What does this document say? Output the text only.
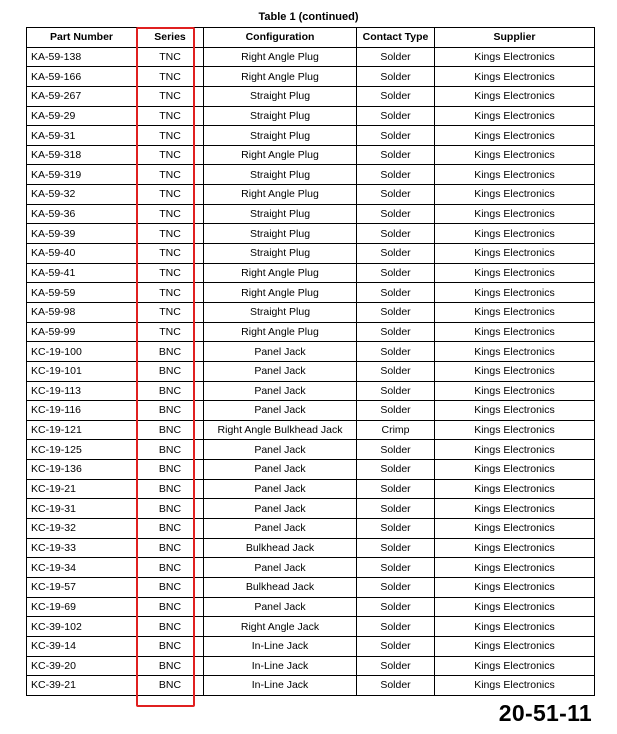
Table 1 (continued)
Part Number	Series	Configuration	Contact Type	Supplier
KA-59-138	TNC	Right Angle Plug	Solder	Kings Electronics
KA-59-166	TNC	Right Angle Plug	Solder	Kings Electronics
KA-59-267	TNC	Straight Plug	Solder	Kings Electronics
KA-59-29	TNC	Straight Plug	Solder	Kings Electronics
KA-59-31	TNC	Straight Plug	Solder	Kings Electronics
KA-59-318	TNC	Right Angle Plug	Solder	Kings Electronics
KA-59-319	TNC	Straight Plug	Solder	Kings Electronics
KA-59-32	TNC	Right Angle Plug	Solder	Kings Electronics
KA-59-36	TNC	Straight Plug	Solder	Kings Electronics
KA-59-39	TNC	Straight Plug	Solder	Kings Electronics
KA-59-40	TNC	Straight Plug	Solder	Kings Electronics
KA-59-41	TNC	Right Angle Plug	Solder	Kings Electronics
KA-59-59	TNC	Right Angle Plug	Solder	Kings Electronics
KA-59-98	TNC	Straight Plug	Solder	Kings Electronics
KA-59-99	TNC	Right Angle Plug	Solder	Kings Electronics
KC-19-100	BNC	Panel Jack	Solder	Kings Electronics
KC-19-101	BNC	Panel Jack	Solder	Kings Electronics
KC-19-113	BNC	Panel Jack	Solder	Kings Electronics
KC-19-116	BNC	Panel Jack	Solder	Kings Electronics
KC-19-121	BNC	Right Angle Bulkhead Jack	Crimp	Kings Electronics
KC-19-125	BNC	Panel Jack	Solder	Kings Electronics
KC-19-136	BNC	Panel Jack	Solder	Kings Electronics
KC-19-21	BNC	Panel Jack	Solder	Kings Electronics
KC-19-31	BNC	Panel Jack	Solder	Kings Electronics
KC-19-32	BNC	Panel Jack	Solder	Kings Electronics
KC-19-33	BNC	Bulkhead Jack	Solder	Kings Electronics
KC-19-34	BNC	Panel Jack	Solder	Kings Electronics
KC-19-57	BNC	Bulkhead Jack	Solder	Kings Electronics
KC-19-69	BNC	Panel Jack	Solder	Kings Electronics
KC-39-102	BNC	Right Angle Jack	Solder	Kings Electronics
KC-39-14	BNC	In-Line Jack	Solder	Kings Electronics
KC-39-20	BNC	In-Line Jack	Solder	Kings Electronics
KC-39-21	BNC	In-Line Jack	Solder	Kings Electronics
20-51-11
